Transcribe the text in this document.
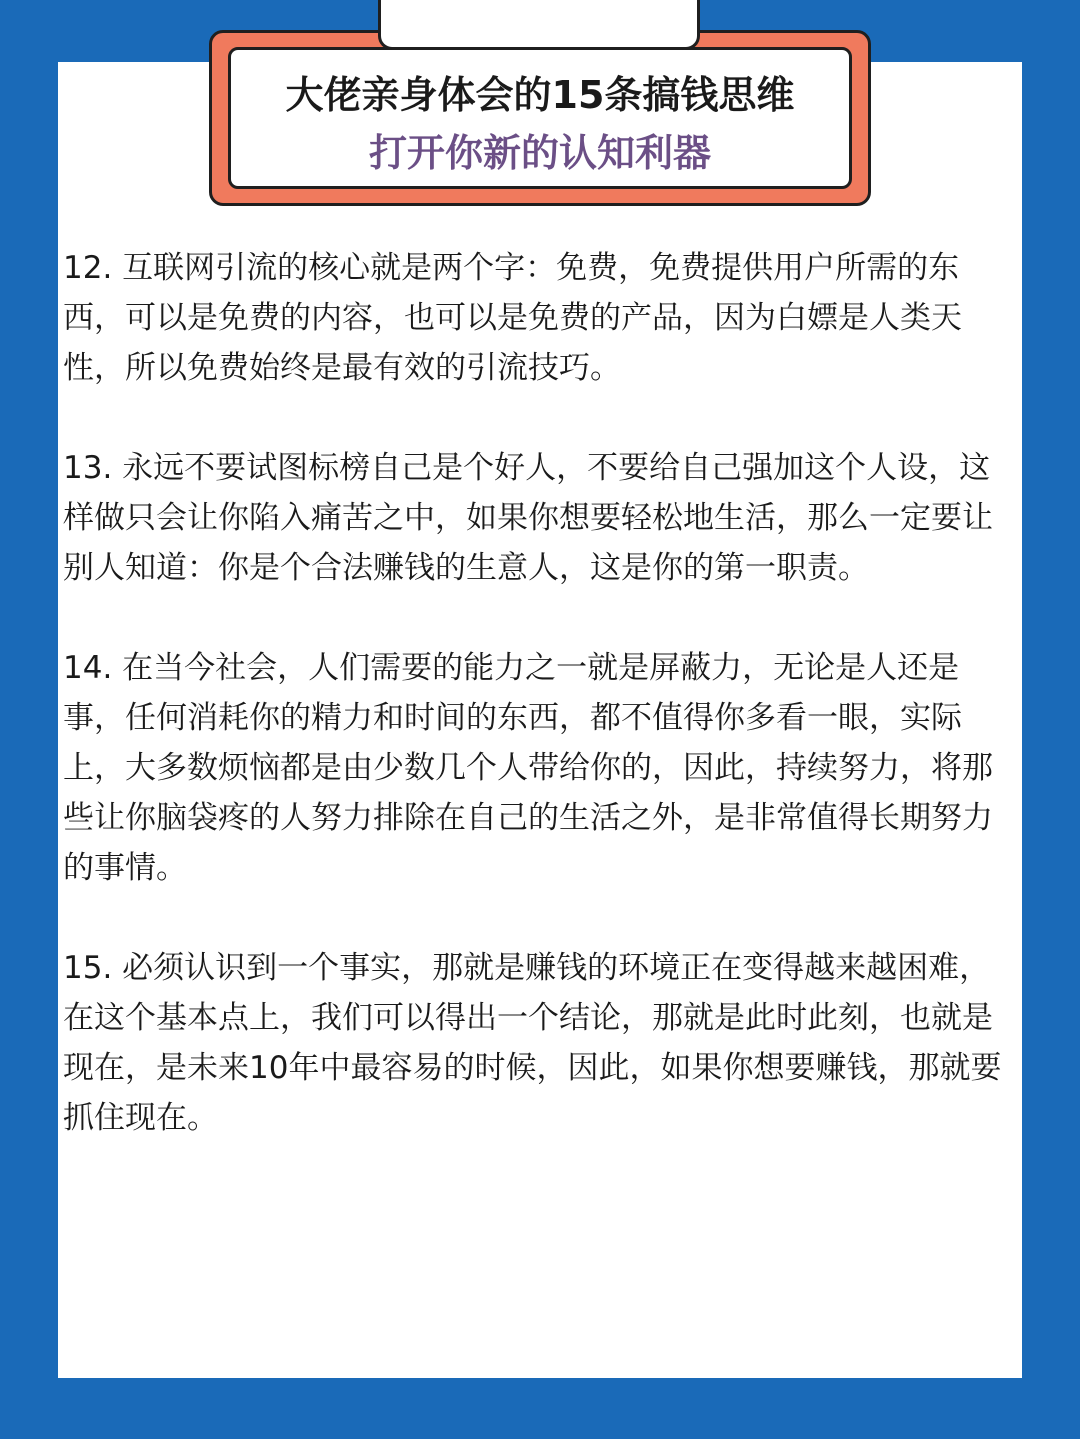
大佬亲身体会的15条搞钱思维
打开你新的认知利器

12. 互联网引流的核心就是两个字：免费，免费提供用户所需的东西，可以是免费的内容，也可以是免费的产品，因为白嫖是人类天性，所以免费始终是最有效的引流技巧。

13. 永远不要试图标榜自己是个好人，不要给自己强加这个人设，这样做只会让你陷入痛苦之中，如果你想要轻松地生活，那么一定要让别人知道：你是个合法赚钱的生意人，这是你的第一职责。

14. 在当今社会，人们需要的能力之一就是屏蔽力，无论是人还是事，任何消耗你的精力和时间的东西，都不值得你多看一眼，实际上，大多数烦恼都是由少数几个人带给你的，因此，持续努力，将那些让你脑袋疼的人努力排除在自己的生活之外，是非常值得长期努力的事情。

15. 必须认识到一个事实，那就是赚钱的环境正在变得越来越困难，在这个基本点上，我们可以得出一个结论，那就是此时此刻，也就是现在，是未来10年中最容易的时候，因此，如果你想要赚钱，那就要抓住现在。
